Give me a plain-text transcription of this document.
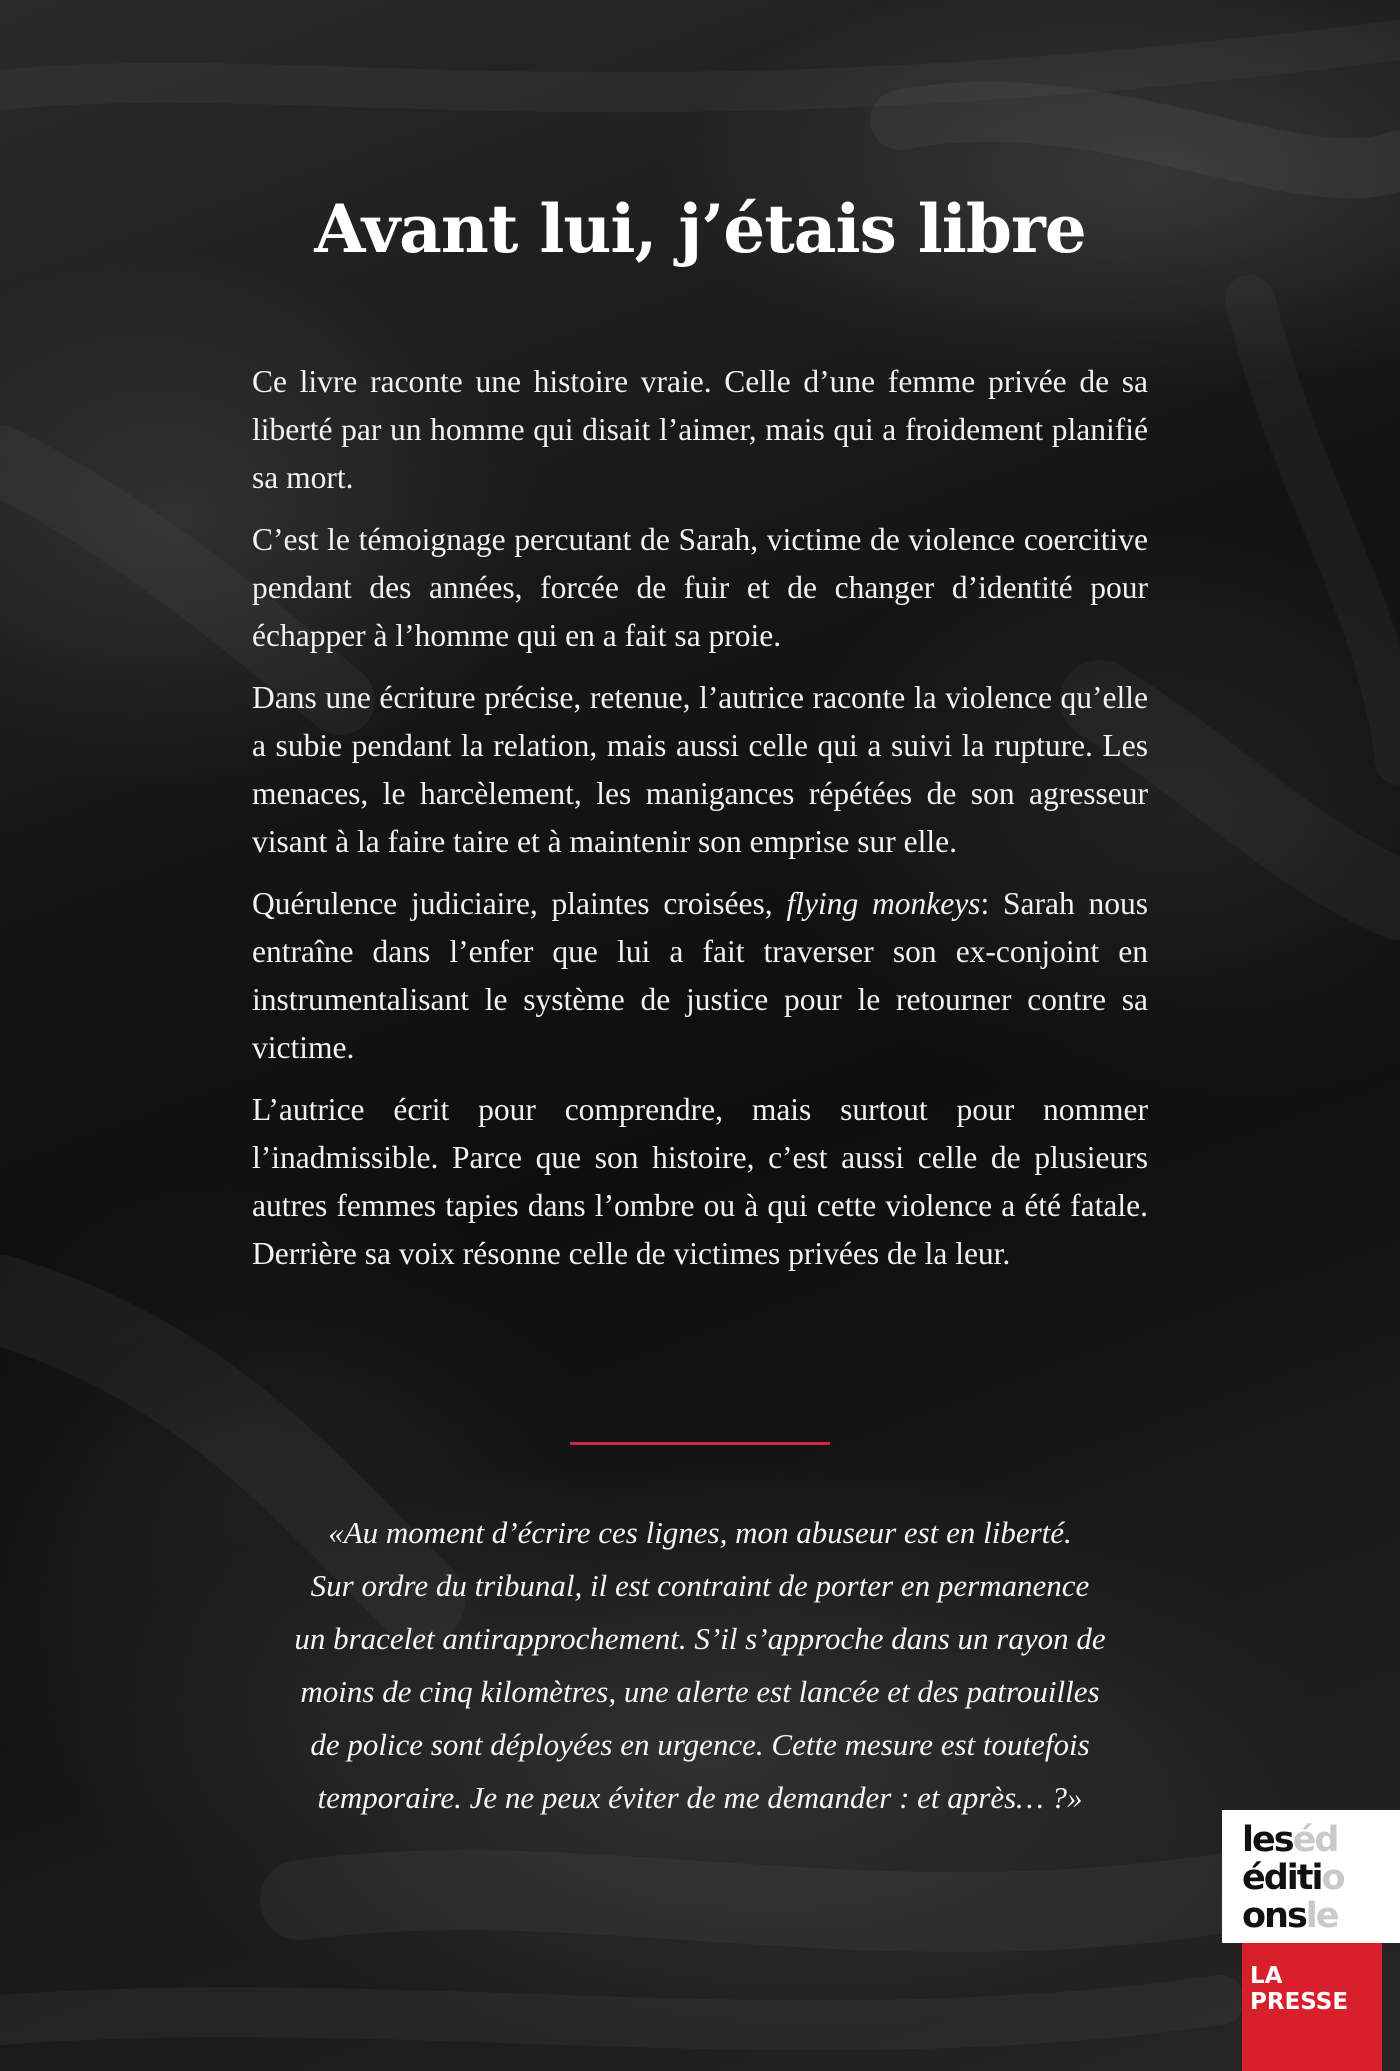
Avant lui, j’étais libre

Ce livre raconte une histoire vraie. Celle d’une femme privée de sa liberté par un homme qui disait l’aimer, mais qui a froidement planifié sa mort.

C’est le témoignage percutant de Sarah, victime de violence coercitive pendant des années, forcée de fuir et de changer d’identité pour échapper à l’homme qui en a fait sa proie.

Dans une écriture précise, retenue, l’autrice raconte la violence qu’elle a subie pendant la relation, mais aussi celle qui a suivi la rupture. Les menaces, le harcèlement, les manigances répétées de son agresseur visant à la faire taire et à maintenir son emprise sur elle.

Quérulence judiciaire, plaintes croisées, flying monkeys: Sarah nous entraîne dans l’enfer que lui a fait traverser son ex-conjoint en instrumentalisant le système de justice pour le retourner contre sa victime.

L’autrice écrit pour comprendre, mais surtout pour nommer l’inadmissible. Parce que son histoire, c’est aussi celle de plusieurs autres femmes tapies dans l’ombre ou à qui cette violence a été fatale. Derrière sa voix résonne celle de victimes privées de la leur.

«Au moment d’écrire ces lignes, mon abuseur est en liberté.
Sur ordre du tribunal, il est contraint de porter en permanence
un bracelet antirapprochement. S’il s’approche dans un rayon de
moins de cinq kilomètres, une alerte est lancée et des patrouilles
de police sont déployées en urgence. Cette mesure est toutefois
temporaire. Je ne peux éviter de me demander : et après… ?»
leséd
éditio
onsle
LA
PRESSE
